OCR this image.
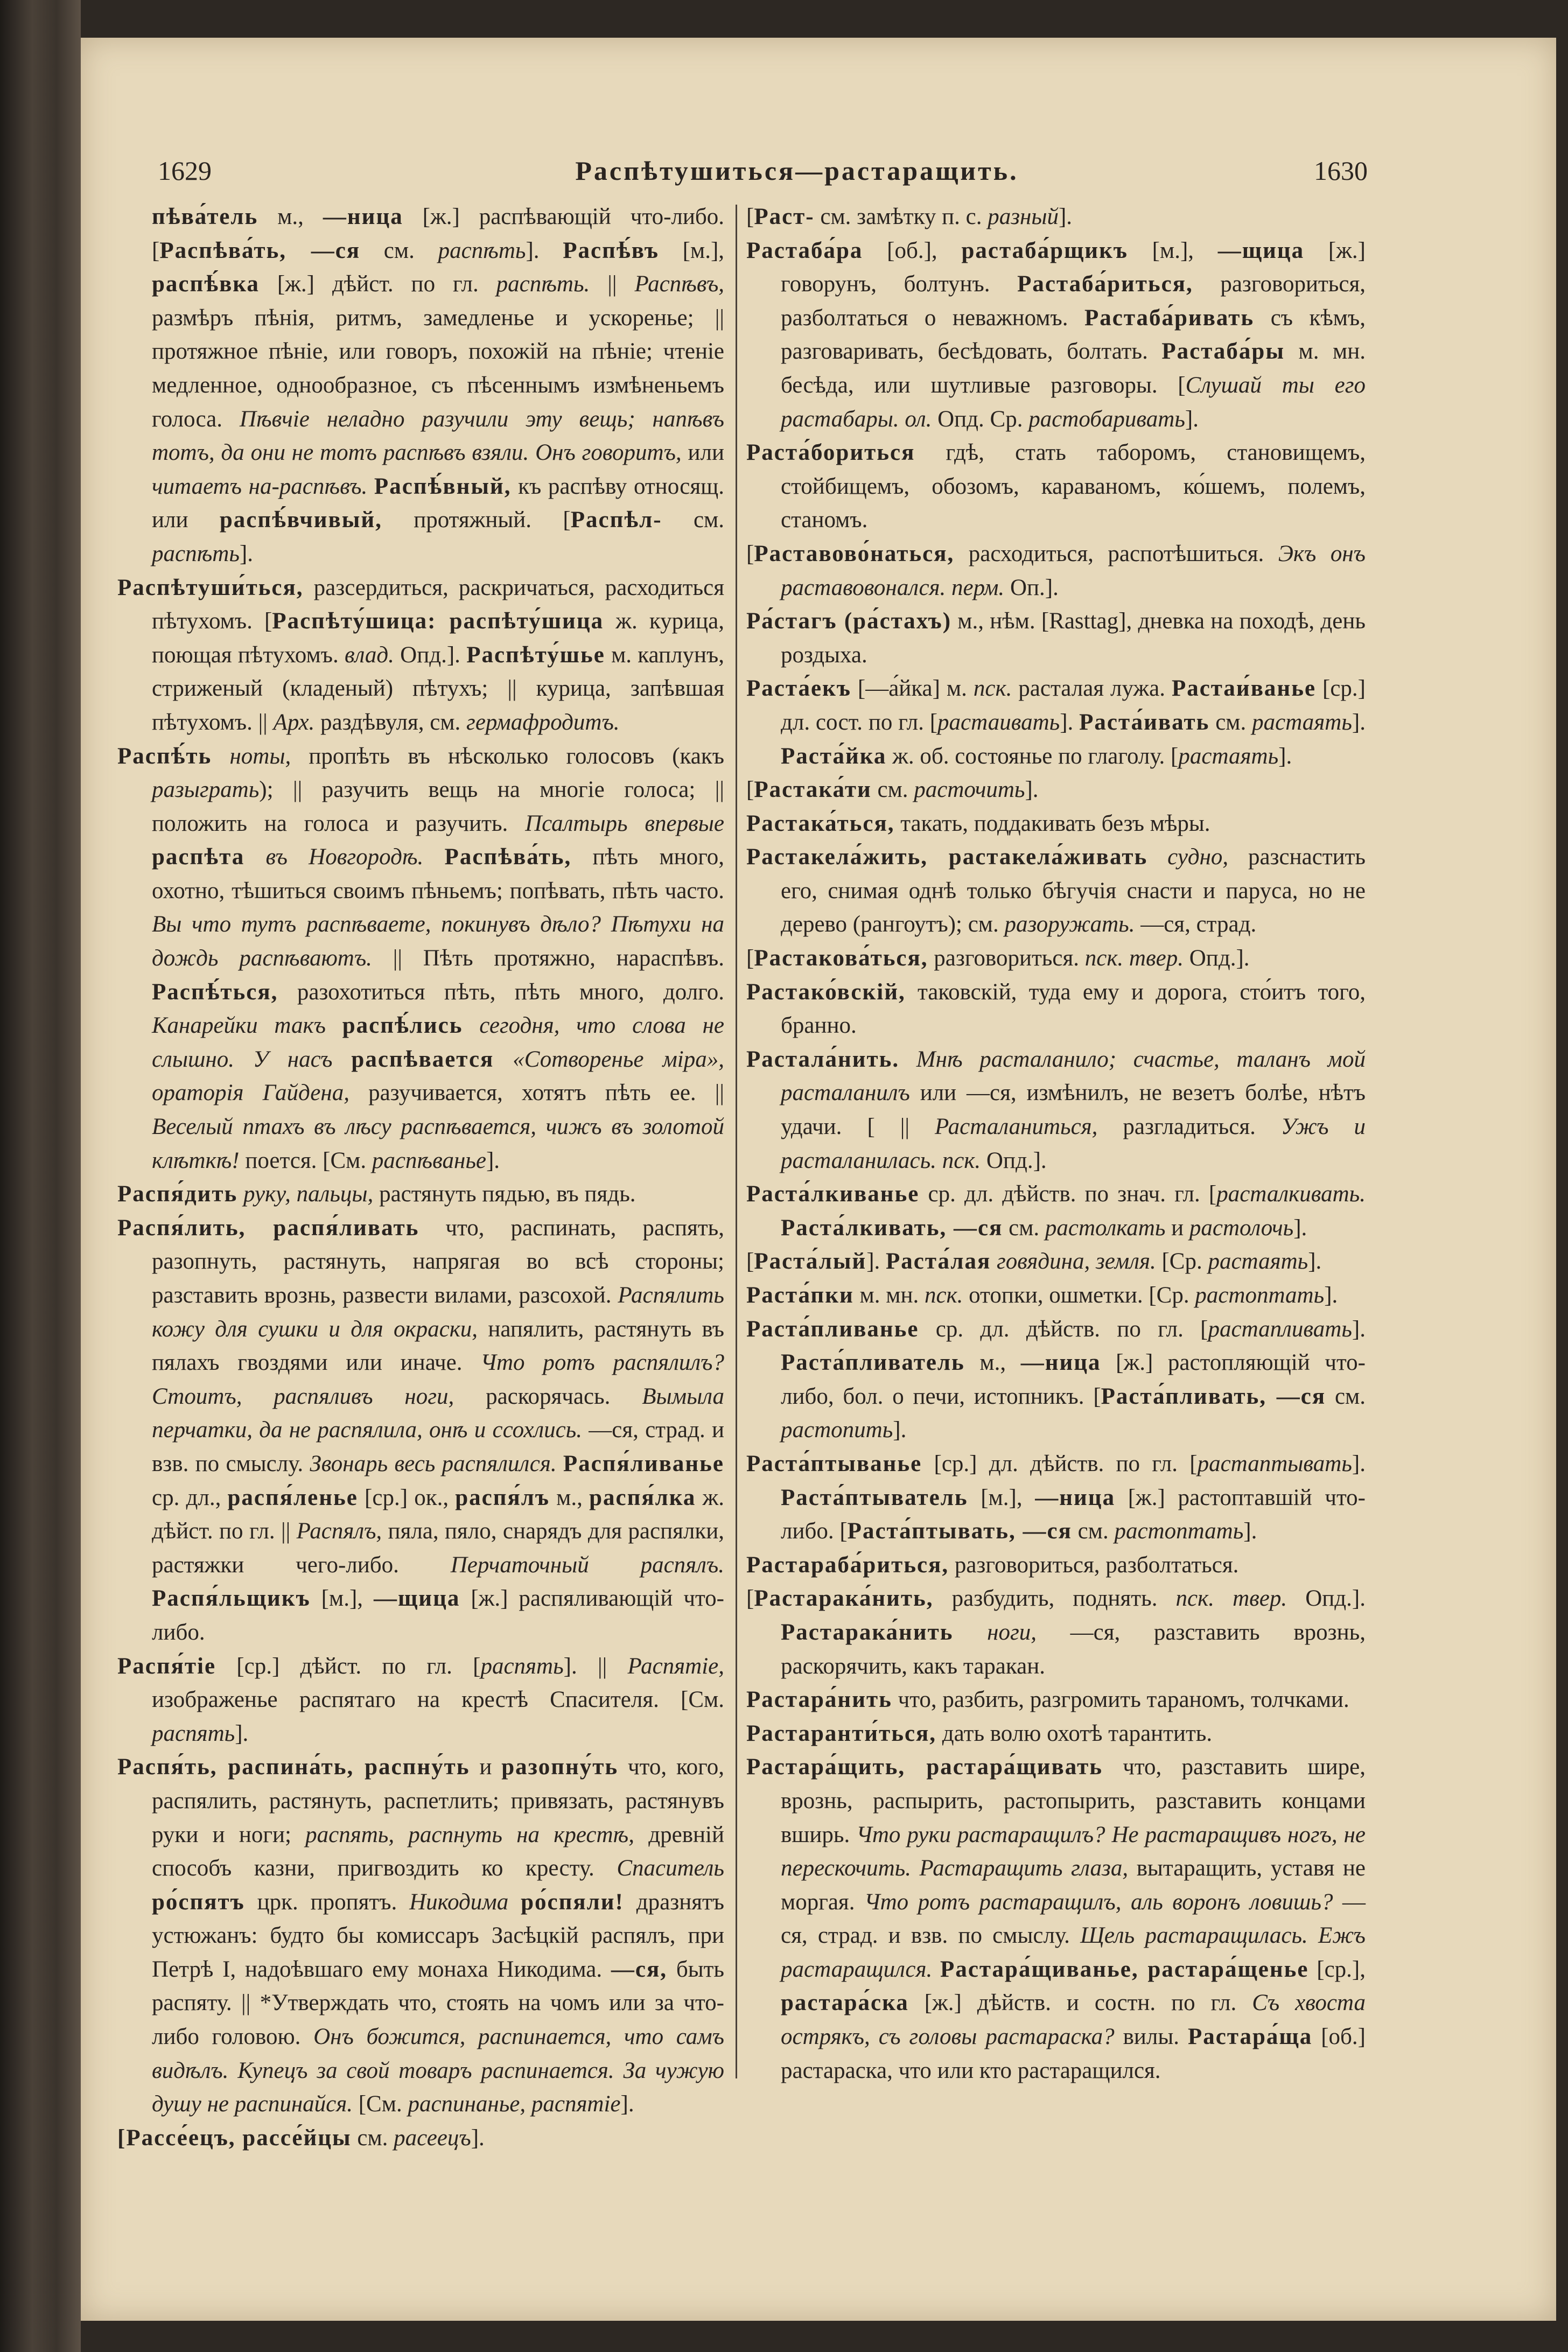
1629	Распѣтушиться—растаращить.	1630

пѣва́тель м., —ница [ж.] распѣвающій что-либо. [Распѣва́ть, —ся см. распѣть]. Распѣ́въ [м.], распѣ́вка [ж.] дѣйст. по гл. распѣть. || Распѣвъ, размѣръ пѣнія, ритмъ, замедленье и ускоренье; || протяжное пѣніе, или говоръ, похожій на пѣніе; чтеніе медленное, однообразное, съ пѣсеннымъ измѣненьемъ голоса. Пѣвчіе неладно разучили эту вещь; напѣвъ тотъ, да они не тотъ распѣвъ взяли. Онъ говоритъ, или читаетъ на-распѣвъ. Распѣ́вный, къ распѣву относящ. или распѣ́вчивый, протяжный. [Распѣл- см. распѣть].

Распѣтуши́ться, разсердиться, раскричаться, расходиться пѣтухомъ. [Распѣту́шица: распѣту́шица ж. курица, поющая пѣтухомъ. влад. Опд.]. Распѣту́шье м. каплунъ, стриженый (кладеный) пѣтухъ; || курица, запѣвшая пѣтухомъ. || Арх. раздѣвуля, см. гермафродитъ.

Распѣ́ть ноты, пропѣть въ нѣсколько голосовъ (какъ разыграть); || разучить вещь на многіе голоса; || положить на голоса и разучить. Псалтырь впервые распѣта въ Новгородѣ. Распѣва́ть, пѣть много, охотно, тѣшиться своимъ пѣньемъ; попѣвать, пѣть часто. Вы что тутъ распѣваете, покинувъ дѣло? Пѣтухи на дождь распѣваютъ. || Пѣть протяжно, нараспѣвъ. Распѣ́ться, разохотиться пѣть, пѣть много, долго. Канарейки такъ распѣ́лись сегодня, что слова не слышно. У насъ распѣвается «Сотворенье міра», ораторія Гайдена, разучивается, хотятъ пѣть ее. || Веселый птахъ въ лѣсу распѣвается, чижъ въ золотой клѣткѣ! поется. [См. распѣванье].

Распя́дить руку, пальцы, растянуть пядью, въ пядь.

Распя́лить, распя́ливать что, распинать, распять, разопнуть, растянуть, напрягая во всѣ стороны; разставить врознь, развести вилами, разсохой. Распялить кожу для сушки и для окраски, напялить, растянуть въ пялахъ гвоздями или иначе. Что ротъ распялилъ? Стоитъ, распяливъ ноги, раскорячась. Вымыла перчатки, да не распялила, онѣ и ссохлись. —ся, страд. и взв. по смыслу. Звонарь весь распялился. Распя́ливанье ср. дл., распя́ленье [ср.] ок., распя́лъ м., распя́лка ж. дѣйст. по гл. || Распялъ, пяла, пяло, снарядъ для распялки, растяжки чего-либо. Перчаточный распялъ. Распя́льщикъ [м.], —щица [ж.] распяливающій что-либо.

Распя́тіе [ср.] дѣйст. по гл. [распять]. || Распятіе, изображенье распятаго на крестѣ Спасителя. [См. распять].

Распя́ть, распина́ть, распну́ть и разопну́ть что, кого, распялить, растянуть, распетлить; привязать, растянувъ руки и ноги; распять, распнуть на крестѣ, древній способъ казни, пригвоздить ко кресту. Спаситель ро́спятъ црк. пропятъ. Никодима ро́спяли! дразнятъ устюжанъ: будто бы комиссаръ Засѣцкій распялъ, при Петрѣ I, надоѣвшаго ему монаха Никодима. —ся, быть распяту. || *Утверждать что, стоять на чомъ или за что-либо головою. Онъ божится, распинается, что самъ видѣлъ. Купецъ за свой товаръ распинается. За чужую душу не распинайся. [См. распинанье, распятіе].

[Рассе́ецъ, рассе́йцы см. расеецъ].

[Раст- см. замѣтку п. с. разный].

Растаба́ра [об.], растаба́рщикъ [м.], —щица [ж.] говорунъ, болтунъ. Растаба́риться, разговориться, разболтаться о неважномъ. Растаба́ривать съ кѣмъ, разговаривать, бесѣдовать, болтать. Растаба́ры м. мн. бесѣда, или шутливые разговоры. [Слушай ты его растабары. ол. Опд. Ср. растобаривать].

Раста́бориться гдѣ, стать таборомъ, становищемъ, стойбищемъ, обозомъ, караваномъ, ко́шемъ, полемъ, станомъ.

[Раставово́наться, расходиться, распотѣшиться. Экъ онъ раставовонался. перм. Оп.].

Ра́стагъ (ра́стахъ) м., нѣм. [Rasttag], дневка на походѣ, день роздыха.

Раста́екъ [—а́йка] м. пск. расталая лужа. Растаи́ванье [ср.] дл. сост. по гл. [растаивать]. Раста́ивать см. растаять]. Раста́йка ж. об. состоянье по глаголу. [растаять].

[Растака́ти см. расточить].

Растака́ться, такать, поддакивать безъ мѣры.

Растакела́жить, растакела́живать судно, разснастить его, снимая однѣ только бѣгучія снасти и паруса, но не дерево (рангоутъ); см. разоружать. —ся, страд.

[Растакова́ться, разговориться. пск. твер. Опд.].

Растако́вскій, таковскій, туда ему и дорога, сто́итъ того, бранно.

Растала́нить. Мнѣ расталанило; счастье, таланъ мой расталанилъ или —ся, измѣнилъ, не везетъ болѣе, нѣтъ удачи. [ || Расталаниться, разгладиться. Ужъ и расталанилась. пск. Опд.].

Раста́лкиванье ср. дл. дѣйств. по знач. гл. [расталкивать. Раста́лкивать, —ся см. растолкать и растолочь].

[Раста́лый]. Раста́лая говядина, земля. [Ср. растаять].

Раста́пки м. мн. пск. отопки, ошметки. [Ср. растоптать].

Раста́пливанье ср. дл. дѣйств. по гл. [растапливать]. Раста́пливатель м., —ница [ж.] растопляющій что-либо, бол. о печи, истопникъ. [Раста́пливать, —ся см. растопить].

Раста́птыванье [ср.] дл. дѣйств. по гл. [растаптывать]. Раста́птыватель [м.], —ница [ж.] растоптавшій что-либо. [Раста́птывать, —ся см. растоптать].

Растараба́риться, разговориться, разболтаться.

[Растарака́нить, разбудить, поднять. пск. твер. Опд.]. Растарака́нить ноги, —ся, разставить врознь, раскорячить, какъ таракан.

Растара́нить что, разбить, разгромить тараномъ, толчками.

Растаранти́ться, дать волю охотѣ тарантить.

Растара́щить, растара́щивать что, разставить шире, врознь, распырить, растопырить, разставить концами вширь. Что руки растаращилъ? Не растаращивъ ногъ, не перескочить. Растаращить глаза, вытаращить, уставя не моргая. Что ротъ растаращилъ, аль воронъ ловишь? —ся, страд. и взв. по смыслу. Щель растаращилась. Ежъ растаращился. Растара́щиванье, растара́щенье [ср.], растара́ска [ж.] дѣйств. и состн. по гл. Съ хвоста острякъ, съ головы растараска? вилы. Растара́ща [об.] растараска, что или кто растаращился.
